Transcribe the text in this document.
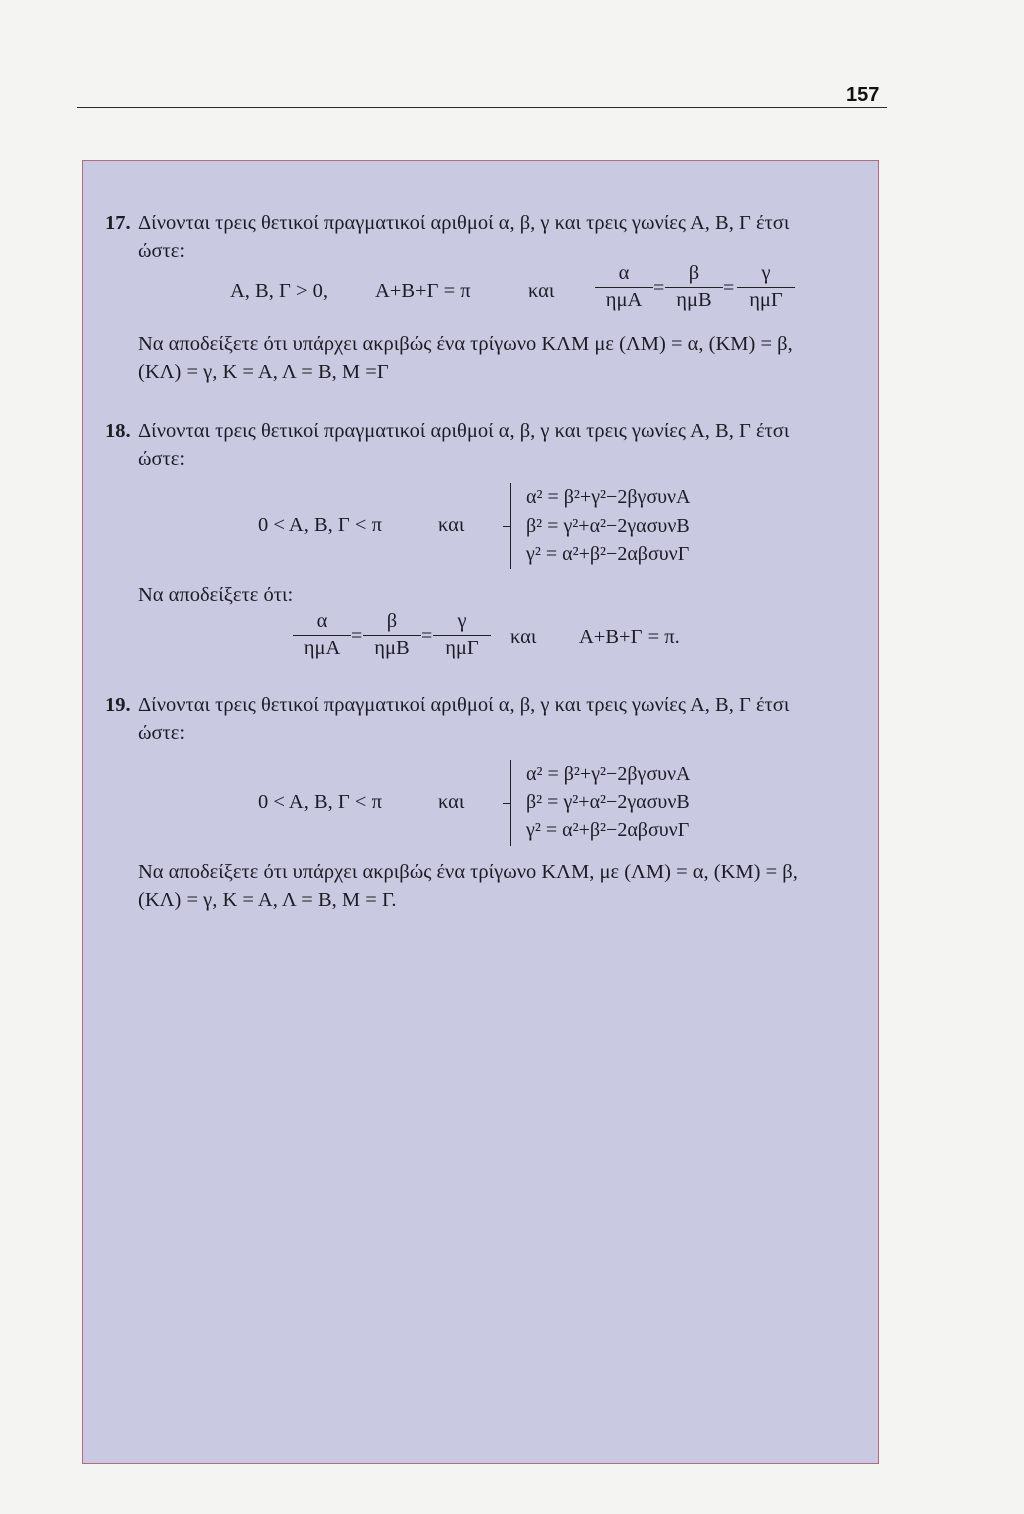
157
17. Δίνονται τρεις θετικοί πραγματικοί αριθμοί α, β, γ και τρεις γωνίες Α, Β, Γ έτσι
ώστε:
Α, Β, Γ > 0, Α+Β+Γ = π	και
α
ημΑ
=
β
ημΒ
=
γ
ημΓ
Να αποδείξετε ότι υπάρχει ακριβώς ένα τρίγωνο ΚΛΜ με (ΛΜ) = α, (ΚΜ) = β,
(ΚΛ) = γ, Κ = Α, Λ = Β, Μ =Γ
18. Δίνονται τρεις θετικοί πραγματικοί αριθμοί α, β, γ και τρεις γωνίες Α, Β, Γ έτσι
ώστε:
0 < Α, Β, Γ < π	και
α² = β²+γ²−2βγσυνΑ
β² = γ²+α²−2γασυνΒ
γ² = α²+β²−2αβσυνΓ
Να αποδείξετε ότι:
α
ημΑ
=
β
ημΒ
=
γ
ημΓ	και Α+Β+Γ = π.
19. Δίνονται τρεις θετικοί πραγματικοί αριθμοί α, β, γ και τρεις γωνίες Α, Β, Γ έτσι
ώστε:
0 < Α, Β, Γ < π	και
α² = β²+γ²−2βγσυνΑ
β² = γ²+α²−2γασυνΒ
γ² = α²+β²−2αβσυνΓ
Να αποδείξετε ότι υπάρχει ακριβώς ένα τρίγωνο ΚΛΜ, με (ΛΜ) = α, (ΚΜ) = β,
(ΚΛ) = γ, Κ = Α, Λ = Β, Μ = Γ.
